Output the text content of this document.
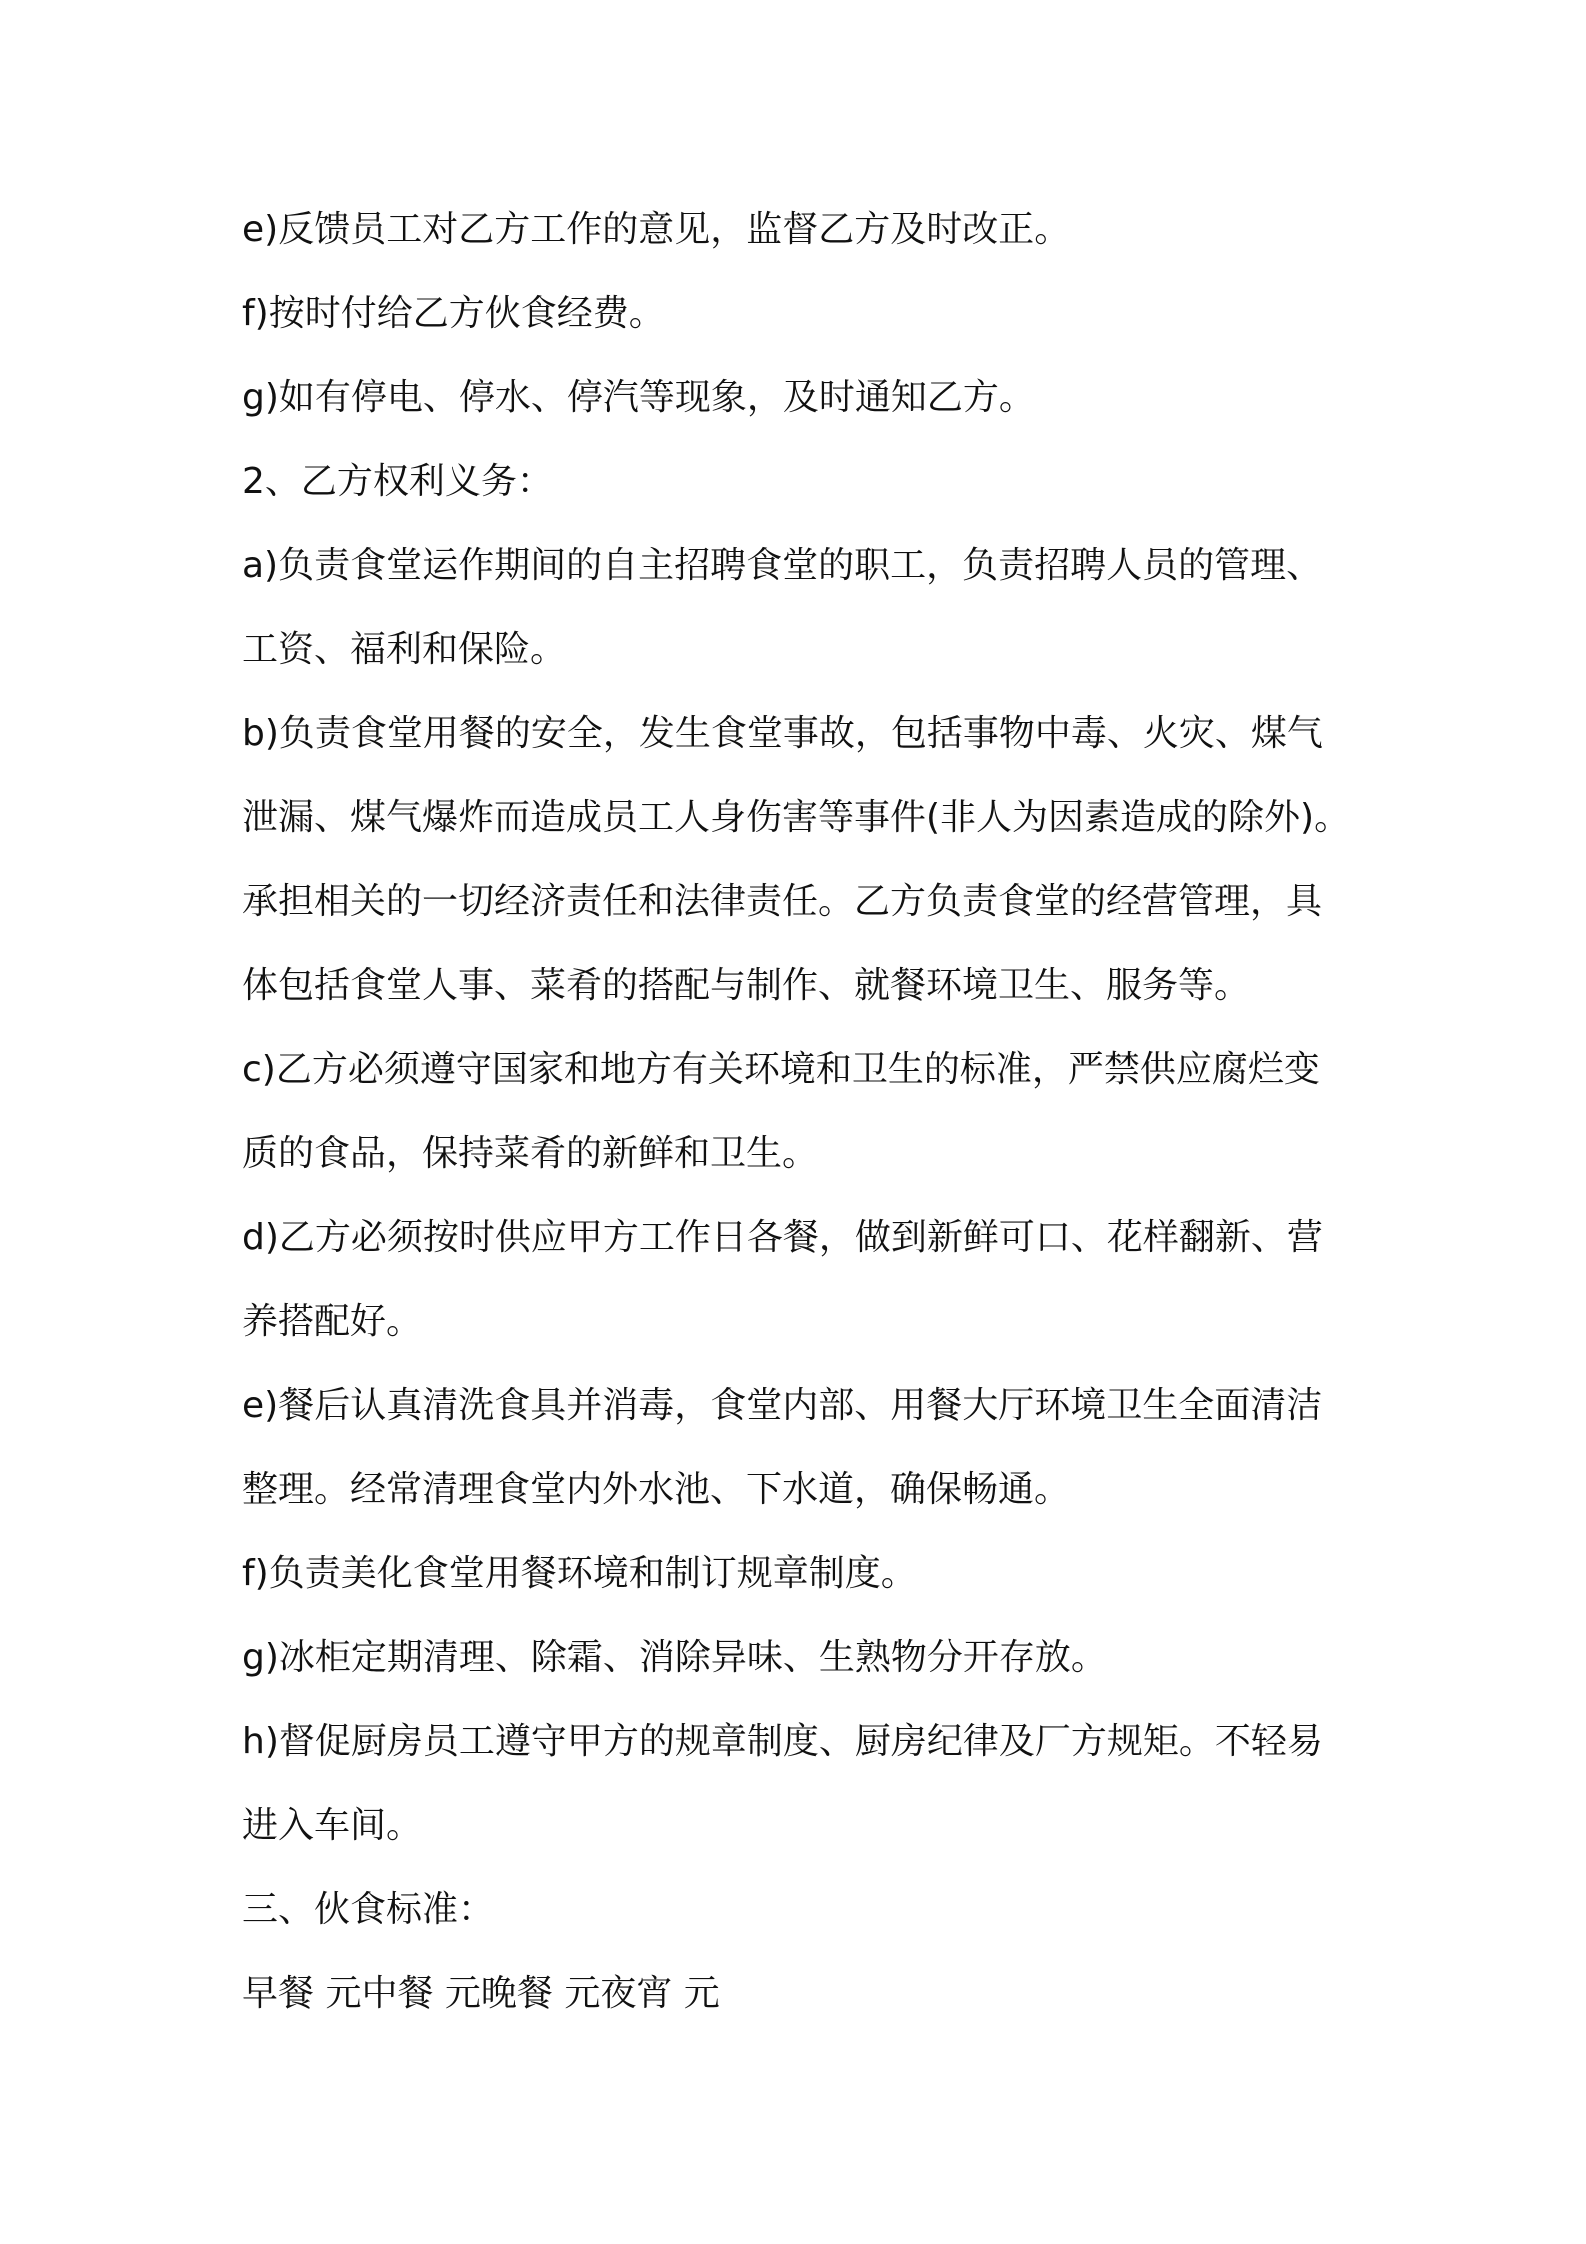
e)反馈员工对乙方工作的意见，监督乙方及时改正。
f)按时付给乙方伙食经费。
g)如有停电、停水、停汽等现象，及时通知乙方。
2、乙方权利义务：
a)负责食堂运作期间的自主招聘食堂的职工，负责招聘人员的管理、
工资、福利和保险。
b)负责食堂用餐的安全，发生食堂事故，包括事物中毒、火灾、煤气
泄漏、煤气爆炸而造成员工人身伤害等事件(非人为因素造成的除外)。
承担相关的一切经济责任和法律责任。乙方负责食堂的经营管理，具
体包括食堂人事、菜肴的搭配与制作、就餐环境卫生、服务等。
c)乙方必须遵守国家和地方有关环境和卫生的标准，严禁供应腐烂变
质的食品，保持菜肴的新鲜和卫生。
d)乙方必须按时供应甲方工作日各餐，做到新鲜可口、花样翻新、营
养搭配好。
e)餐后认真清洗食具并消毒，食堂内部、用餐大厅环境卫生全面清洁
整理。经常清理食堂内外水池、下水道，确保畅通。
f)负责美化食堂用餐环境和制订规章制度。
g)冰柜定期清理、除霜、消除异味、生熟物分开存放。
h)督促厨房员工遵守甲方的规章制度、厨房纪律及厂方规矩。不轻易
进入车间。
三、伙食标准：
早餐 元中餐 元晚餐 元夜宵 元
